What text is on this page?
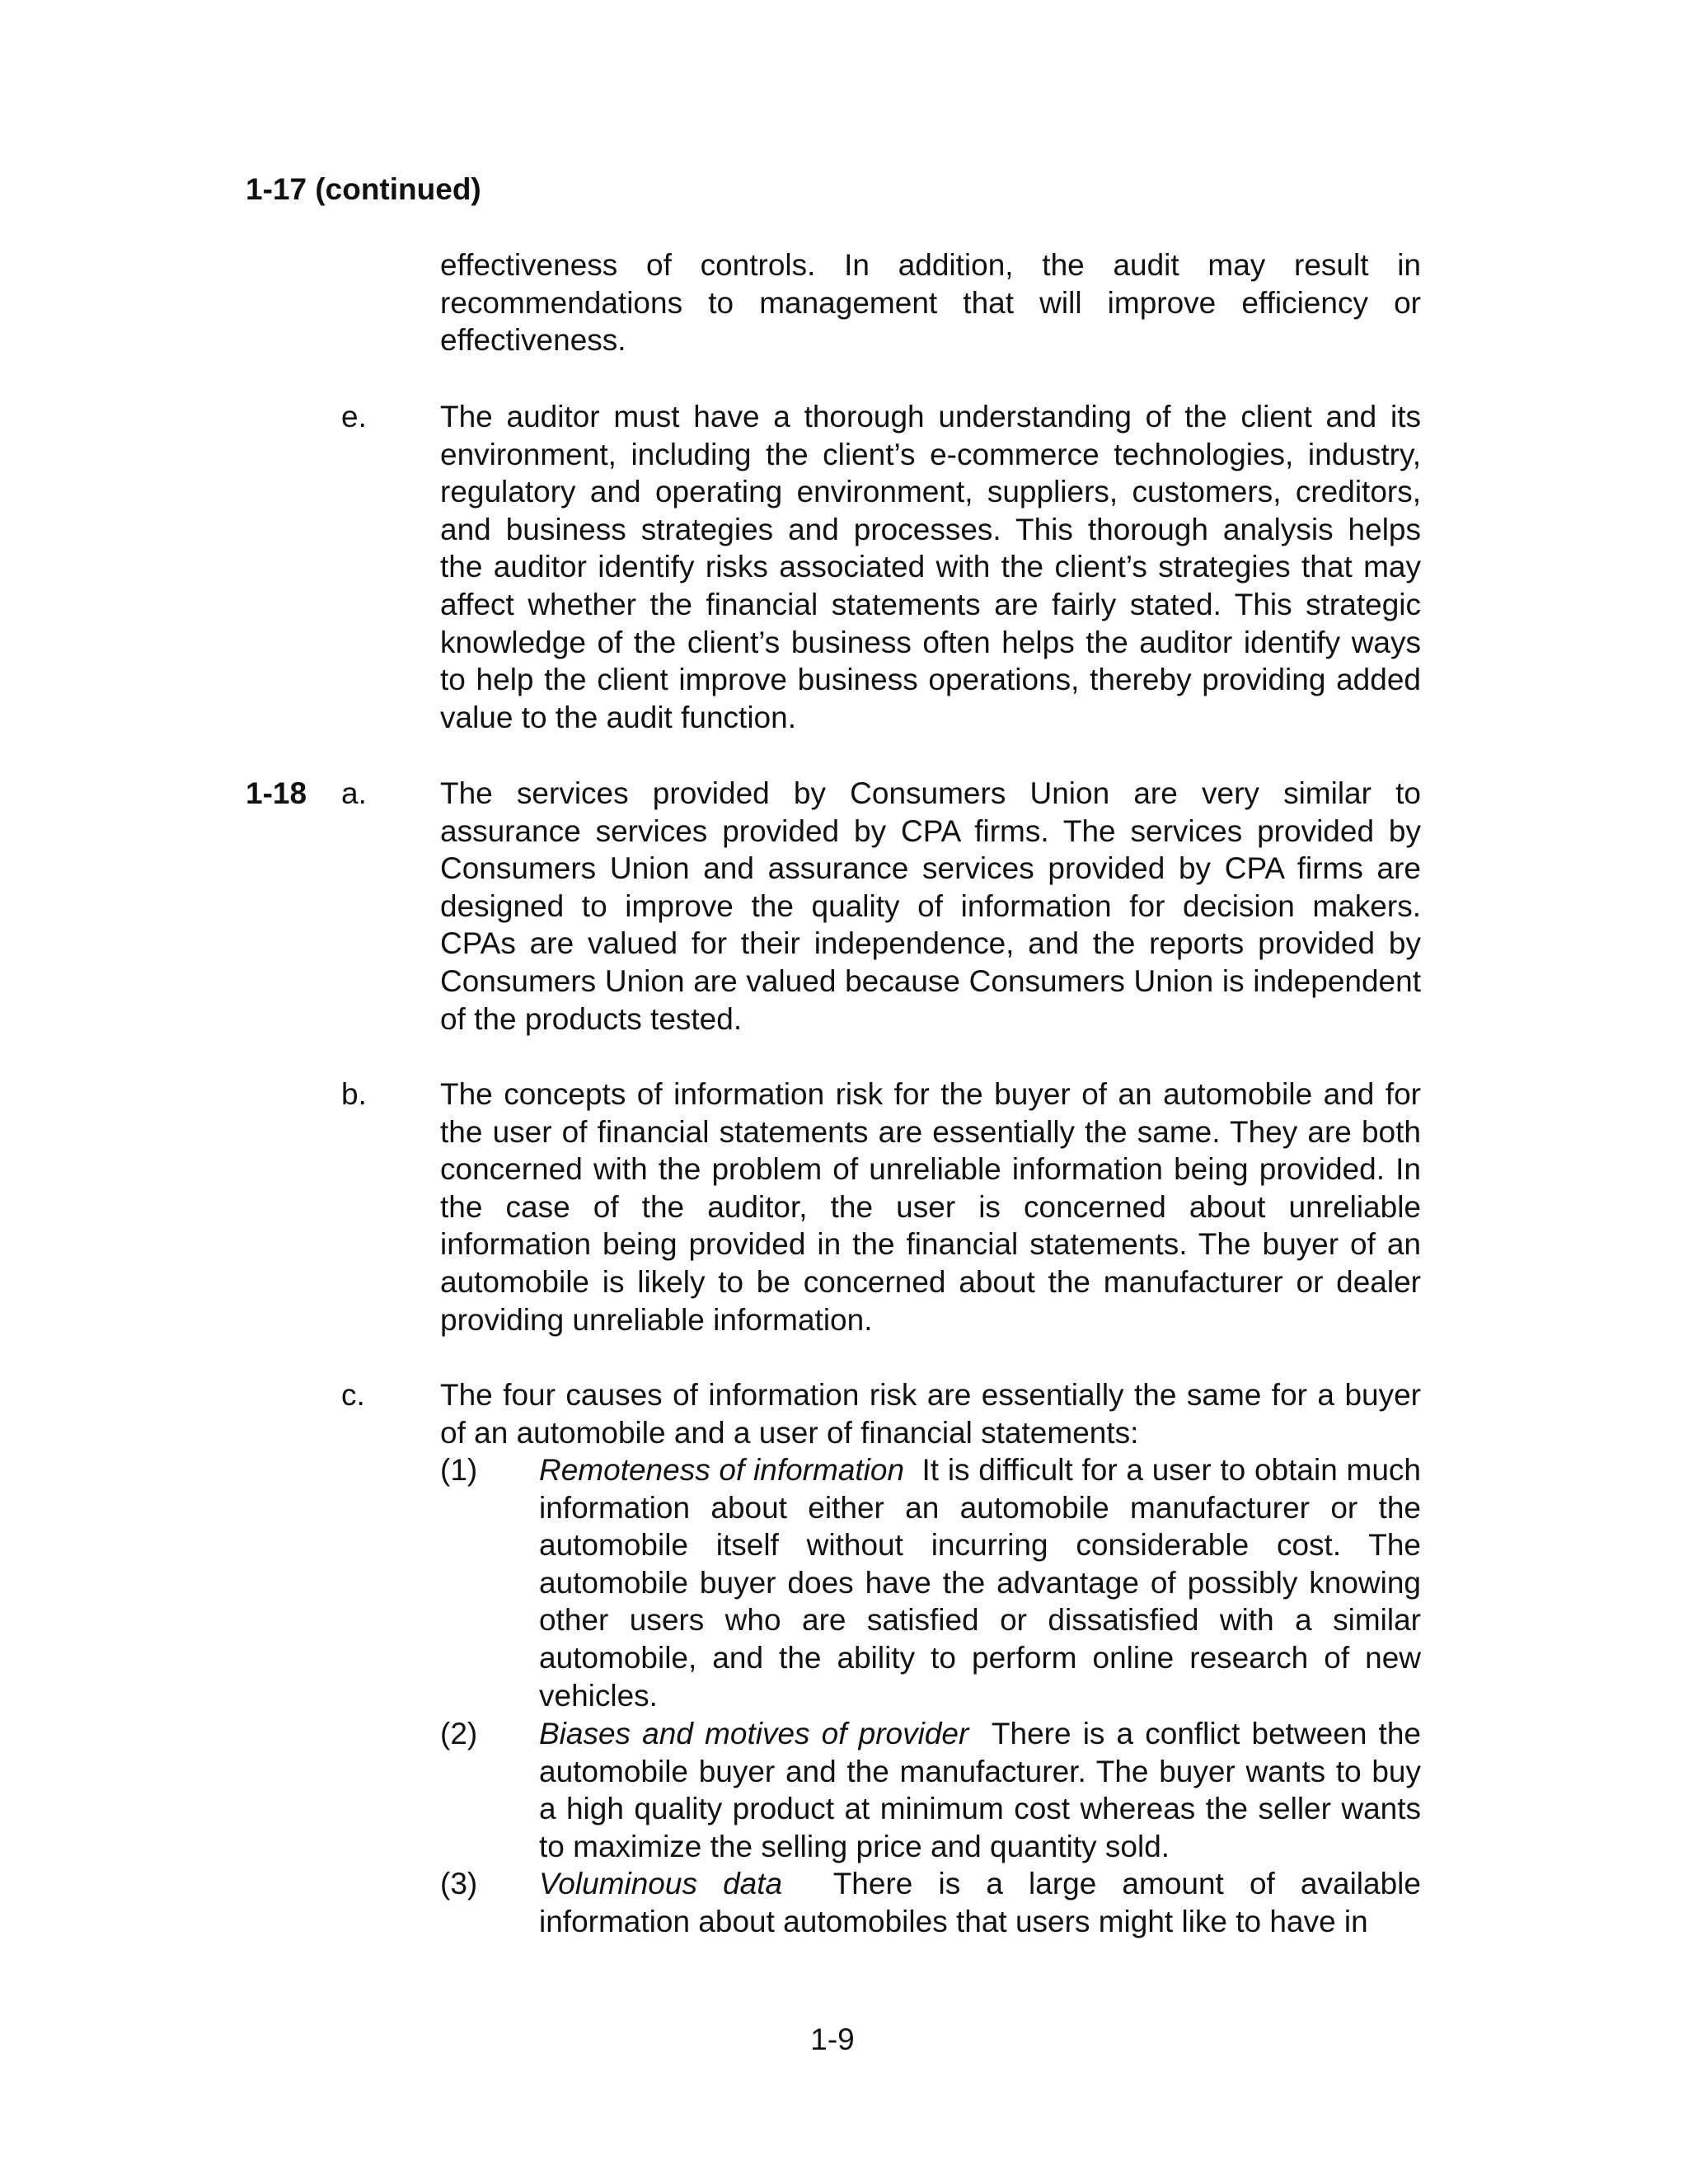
1-17 (continued)

effectiveness of controls. In addition, the audit may result in recommendations to management that will improve efficiency or effectiveness.

e. The auditor must have a thorough understanding of the client and its environment, including the client’s e-commerce technologies, industry, regulatory and operating environment, suppliers, customers, creditors, and business strategies and processes. This thorough analysis helps the auditor identify risks associated with the client’s strategies that may affect whether the financial statements are fairly stated. This strategic knowledge of the client’s business often helps the auditor identify ways to help the client improve business operations, thereby providing added value to the audit function.

1-18 a. The services provided by Consumers Union are very similar to assurance services provided by CPA firms. The services provided by Consumers Union and assurance services provided by CPA firms are designed to improve the quality of information for decision makers. CPAs are valued for their independence, and the reports provided by Consumers Union are valued because Consumers Union is independent of the products tested.

b. The concepts of information risk for the buyer of an automobile and for the user of financial statements are essentially the same. They are both concerned with the problem of unreliable information being provided. In the case of the auditor, the user is concerned about unreliable information being provided in the financial statements. The buyer of an automobile is likely to be concerned about the manufacturer or dealer providing unreliable information.

c. The four causes of information risk are essentially the same for a buyer of an automobile and a user of financial statements:

(1) Remoteness of information It is difficult for a user to obtain much information about either an automobile manufacturer or the automobile itself without incurring considerable cost. The automobile buyer does have the advantage of possibly knowing other users who are satisfied or dissatisfied with a similar automobile, and the ability to perform online research of new vehicles.

(2) Biases and motives of provider There is a conflict between the automobile buyer and the manufacturer. The buyer wants to buy a high quality product at minimum cost whereas the seller wants to maximize the selling price and quantity sold.

(3) Voluminous data There is a large amount of available information about automobiles that users might like to have in

1-9
